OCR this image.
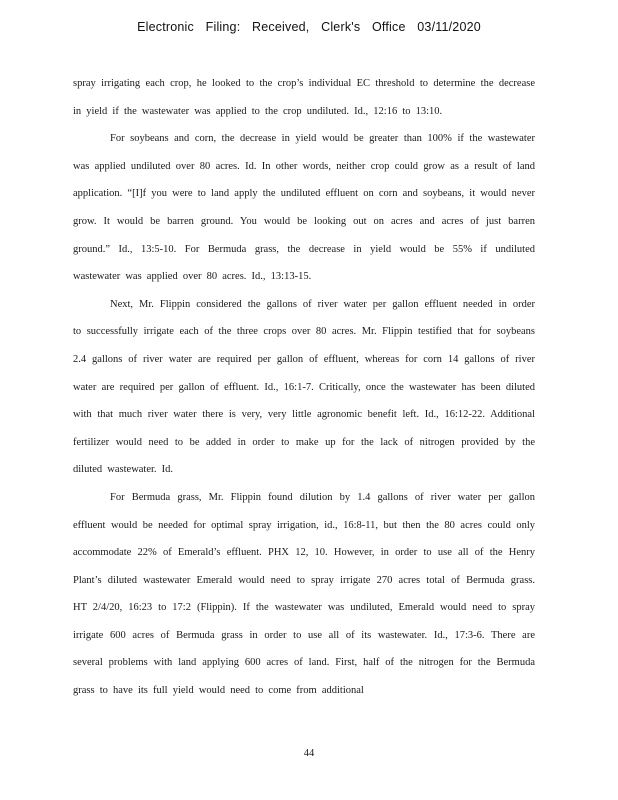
Electronic Filing: Received, Clerk's Office 03/11/2020

spray irrigating each crop, he looked to the crop’s individual EC threshold to determine the decrease in yield if the wastewater was applied to the crop undiluted. Id., 12:16 to 13:10.

For soybeans and corn, the decrease in yield would be greater than 100% if the wastewater was applied undiluted over 80 acres. Id. In other words, neither crop could grow as a result of land application. “[I]f you were to land apply the undiluted effluent on corn and soybeans, it would never grow. It would be barren ground. You would be looking out on acres and acres of just barren ground.” Id., 13:5-10. For Bermuda grass, the decrease in yield would be 55% if undiluted wastewater was applied over 80 acres. Id., 13:13-15.

Next, Mr. Flippin considered the gallons of river water per gallon effluent needed in order to successfully irrigate each of the three crops over 80 acres. Mr. Flippin testified that for soybeans 2.4 gallons of river water are required per gallon of effluent, whereas for corn 14 gallons of river water are required per gallon of effluent. Id., 16:1-7. Critically, once the wastewater has been diluted with that much river water there is very, very little agronomic benefit left. Id., 16:12-22. Additional fertilizer would need to be added in order to make up for the lack of nitrogen provided by the diluted wastewater. Id.

For Bermuda grass, Mr. Flippin found dilution by 1.4 gallons of river water per gallon effluent would be needed for optimal spray irrigation, id., 16:8-11, but then the 80 acres could only accommodate 22% of Emerald’s effluent. PHX 12, 10. However, in order to use all of the Henry Plant’s diluted wastewater Emerald would need to spray irrigate 270 acres total of Bermuda grass. HT 2/4/20, 16:23 to 17:2 (Flippin). If the wastewater was undiluted, Emerald would need to spray irrigate 600 acres of Bermuda grass in order to use all of its wastewater. Id., 17:3-6. There are several problems with land applying 600 acres of land. First, half of the nitrogen for the Bermuda grass to have its full yield would need to come from additional

44
